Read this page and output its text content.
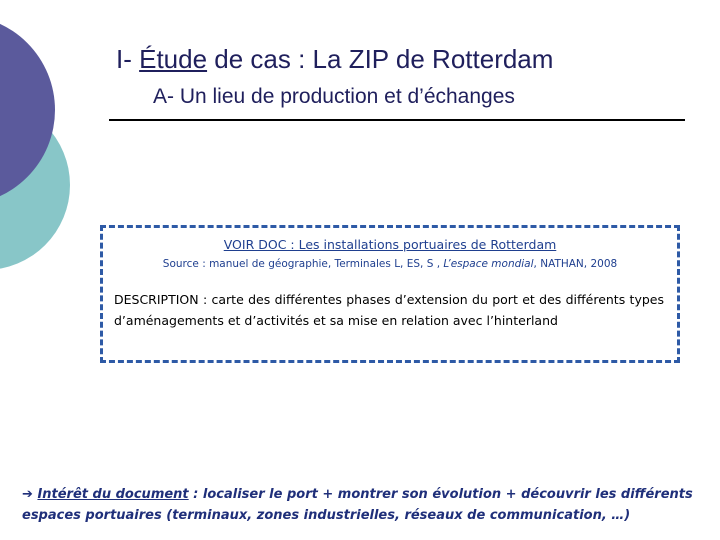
I- Étude de cas : La ZIP de Rotterdam
A- Un lieu de production et d’échanges
VOIR DOC : Les installations portuaires de Rotterdam
Source : manuel de géographie, Terminales L, ES, S , L’espace mondial, NATHAN, 2008
DESCRIPTION : carte des différentes phases d’extension du port et des différents types d’aménagements et d’activités et sa mise en relation avec l’hinterland
➔ Intérêt du document : localiser le port + montrer son évolution + découvrir les différents espaces portuaires (terminaux, zones industrielles, réseaux de communication, …)
